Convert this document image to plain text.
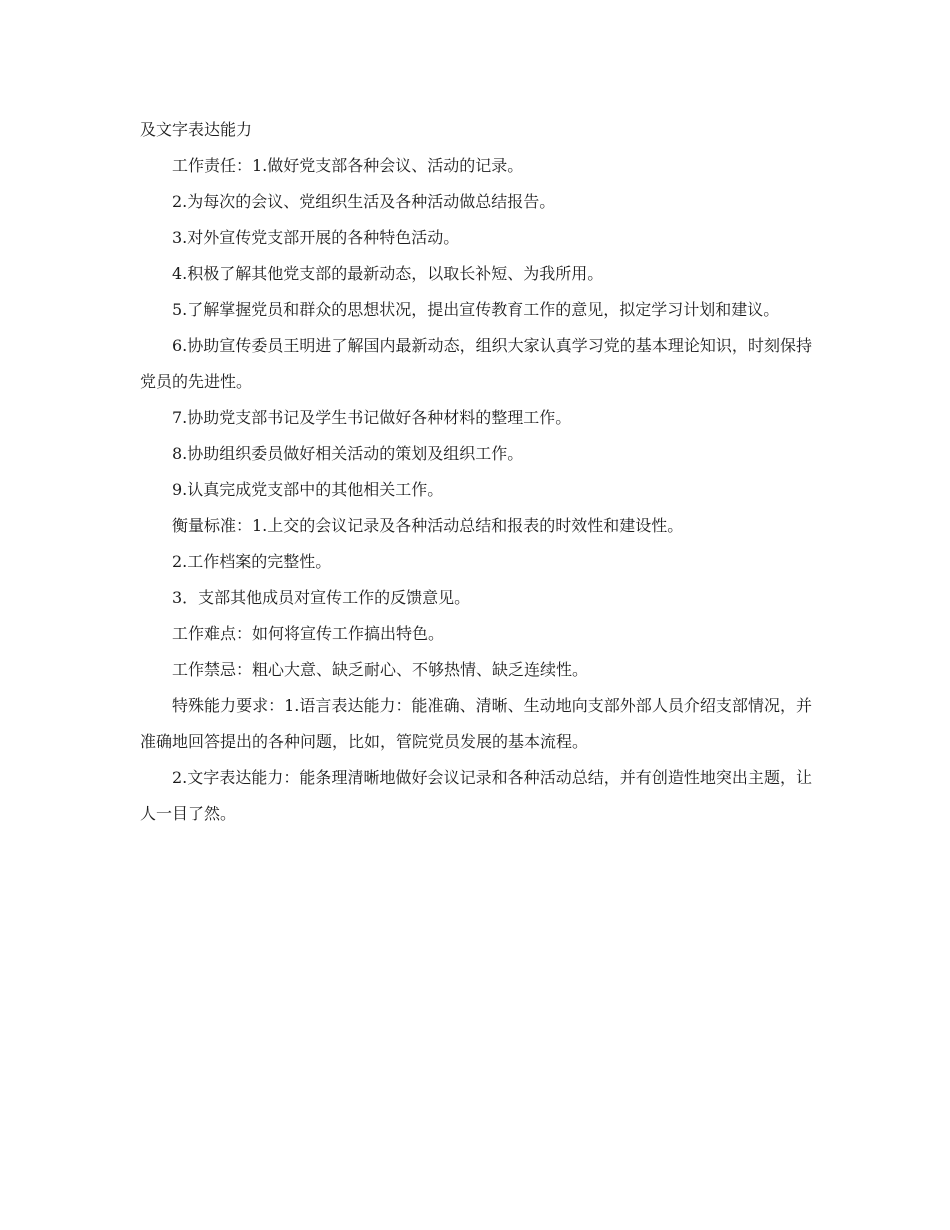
及文字表达能力

工作责任：1.做好党支部各种会议、活动的记录。

2.为每次的会议、党组织生活及各种活动做总结报告。

3.对外宣传党支部开展的各种特色活动。

4.积极了解其他党支部的最新动态，以取长补短、为我所用。

5.了解掌握党员和群众的思想状况，提出宣传教育工作的意见，拟定学习计划和建议。

6.协助宣传委员王明进了解国内最新动态，组织大家认真学习党的基本理论知识，时刻保持党员的先进性。

7.协助党支部书记及学生书记做好各种材料的整理工作。

8.协助组织委员做好相关活动的策划及组织工作。

9.认真完成党支部中的其他相关工作。

衡量标准：1.上交的会议记录及各种活动总结和报表的时效性和建设性。

2.工作档案的完整性。

3．支部其他成员对宣传工作的反馈意见。

工作难点：如何将宣传工作搞出特色。

工作禁忌：粗心大意、缺乏耐心、不够热情、缺乏连续性。

特殊能力要求：1.语言表达能力：能准确、清晰、生动地向支部外部人员介绍支部情况，并准确地回答提出的各种问题，比如，管院党员发展的基本流程。

2.文字表达能力：能条理清晰地做好会议记录和各种活动总结，并有创造性地突出主题，让人一目了然。
